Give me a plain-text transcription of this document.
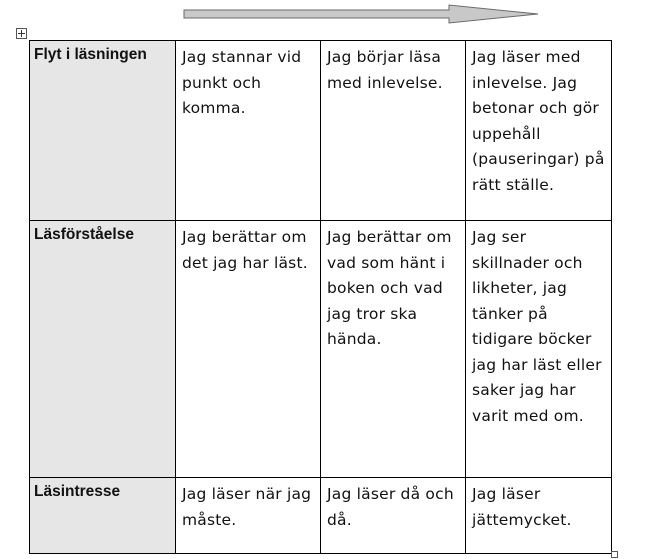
Flyt i läsningen	Jag stannar vid punkt och komma.	Jag börjar läsa med inlevelse.	Jag läser med inlevelse. Jag betonar och gör uppehåll (pauseringar) på rätt ställe.
Läsförståelse	Jag berättar om det jag har läst.	Jag berättar om vad som hänt i boken och vad jag tror ska hända.	Jag ser skillnader och likheter, jag tänker på tidigare böcker jag har läst eller saker jag har varit med om.
Läsintresse	Jag läser när jag måste.	Jag läser då och då.	Jag läser jättemycket.
